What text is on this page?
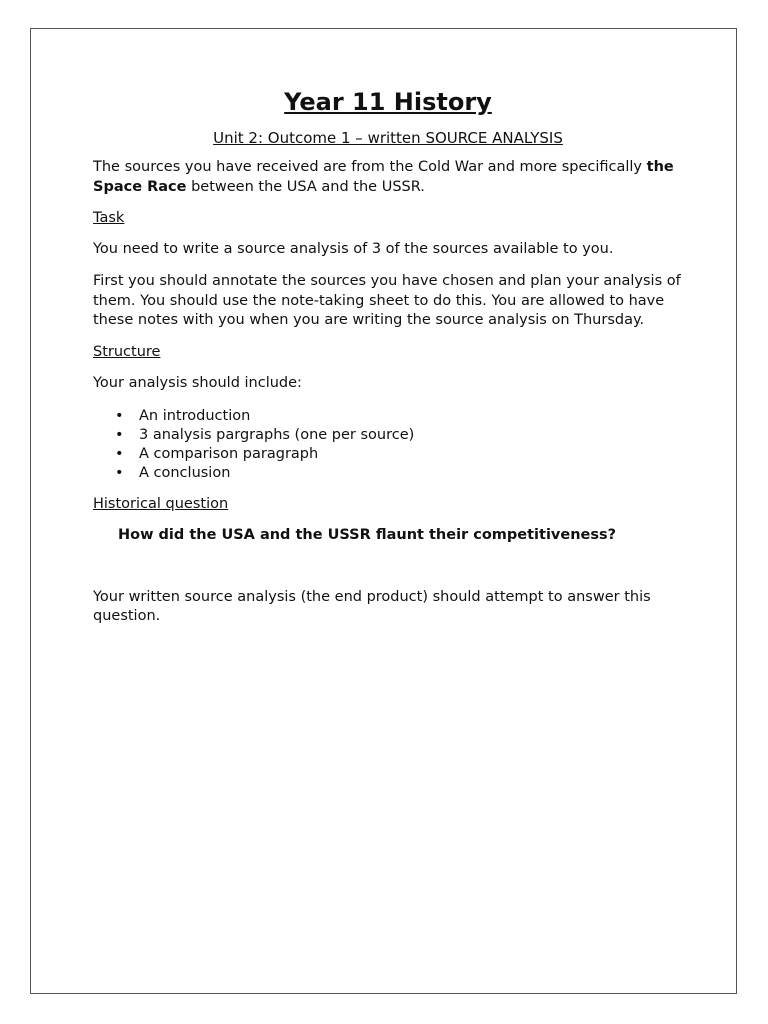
Year 11 History

Unit 2: Outcome 1 – written SOURCE ANALYSIS

The sources you have received are from the Cold War and more specifically the Space Race between the USA and the USSR.

Task

You need to write a source analysis of 3 of the sources available to you.

First you should annotate the sources you have chosen and plan your analysis of them. You should use the note-taking sheet to do this. You are allowed to have these notes with you when you are writing the source analysis on Thursday.

Structure

Your analysis should include:

• An introduction
• 3 analysis pargraphs (one per source)
• A comparison paragraph
• A conclusion

Historical question

How did the USA and the USSR flaunt their competitiveness?

Your written source analysis (the end product) should attempt to answer this question.
